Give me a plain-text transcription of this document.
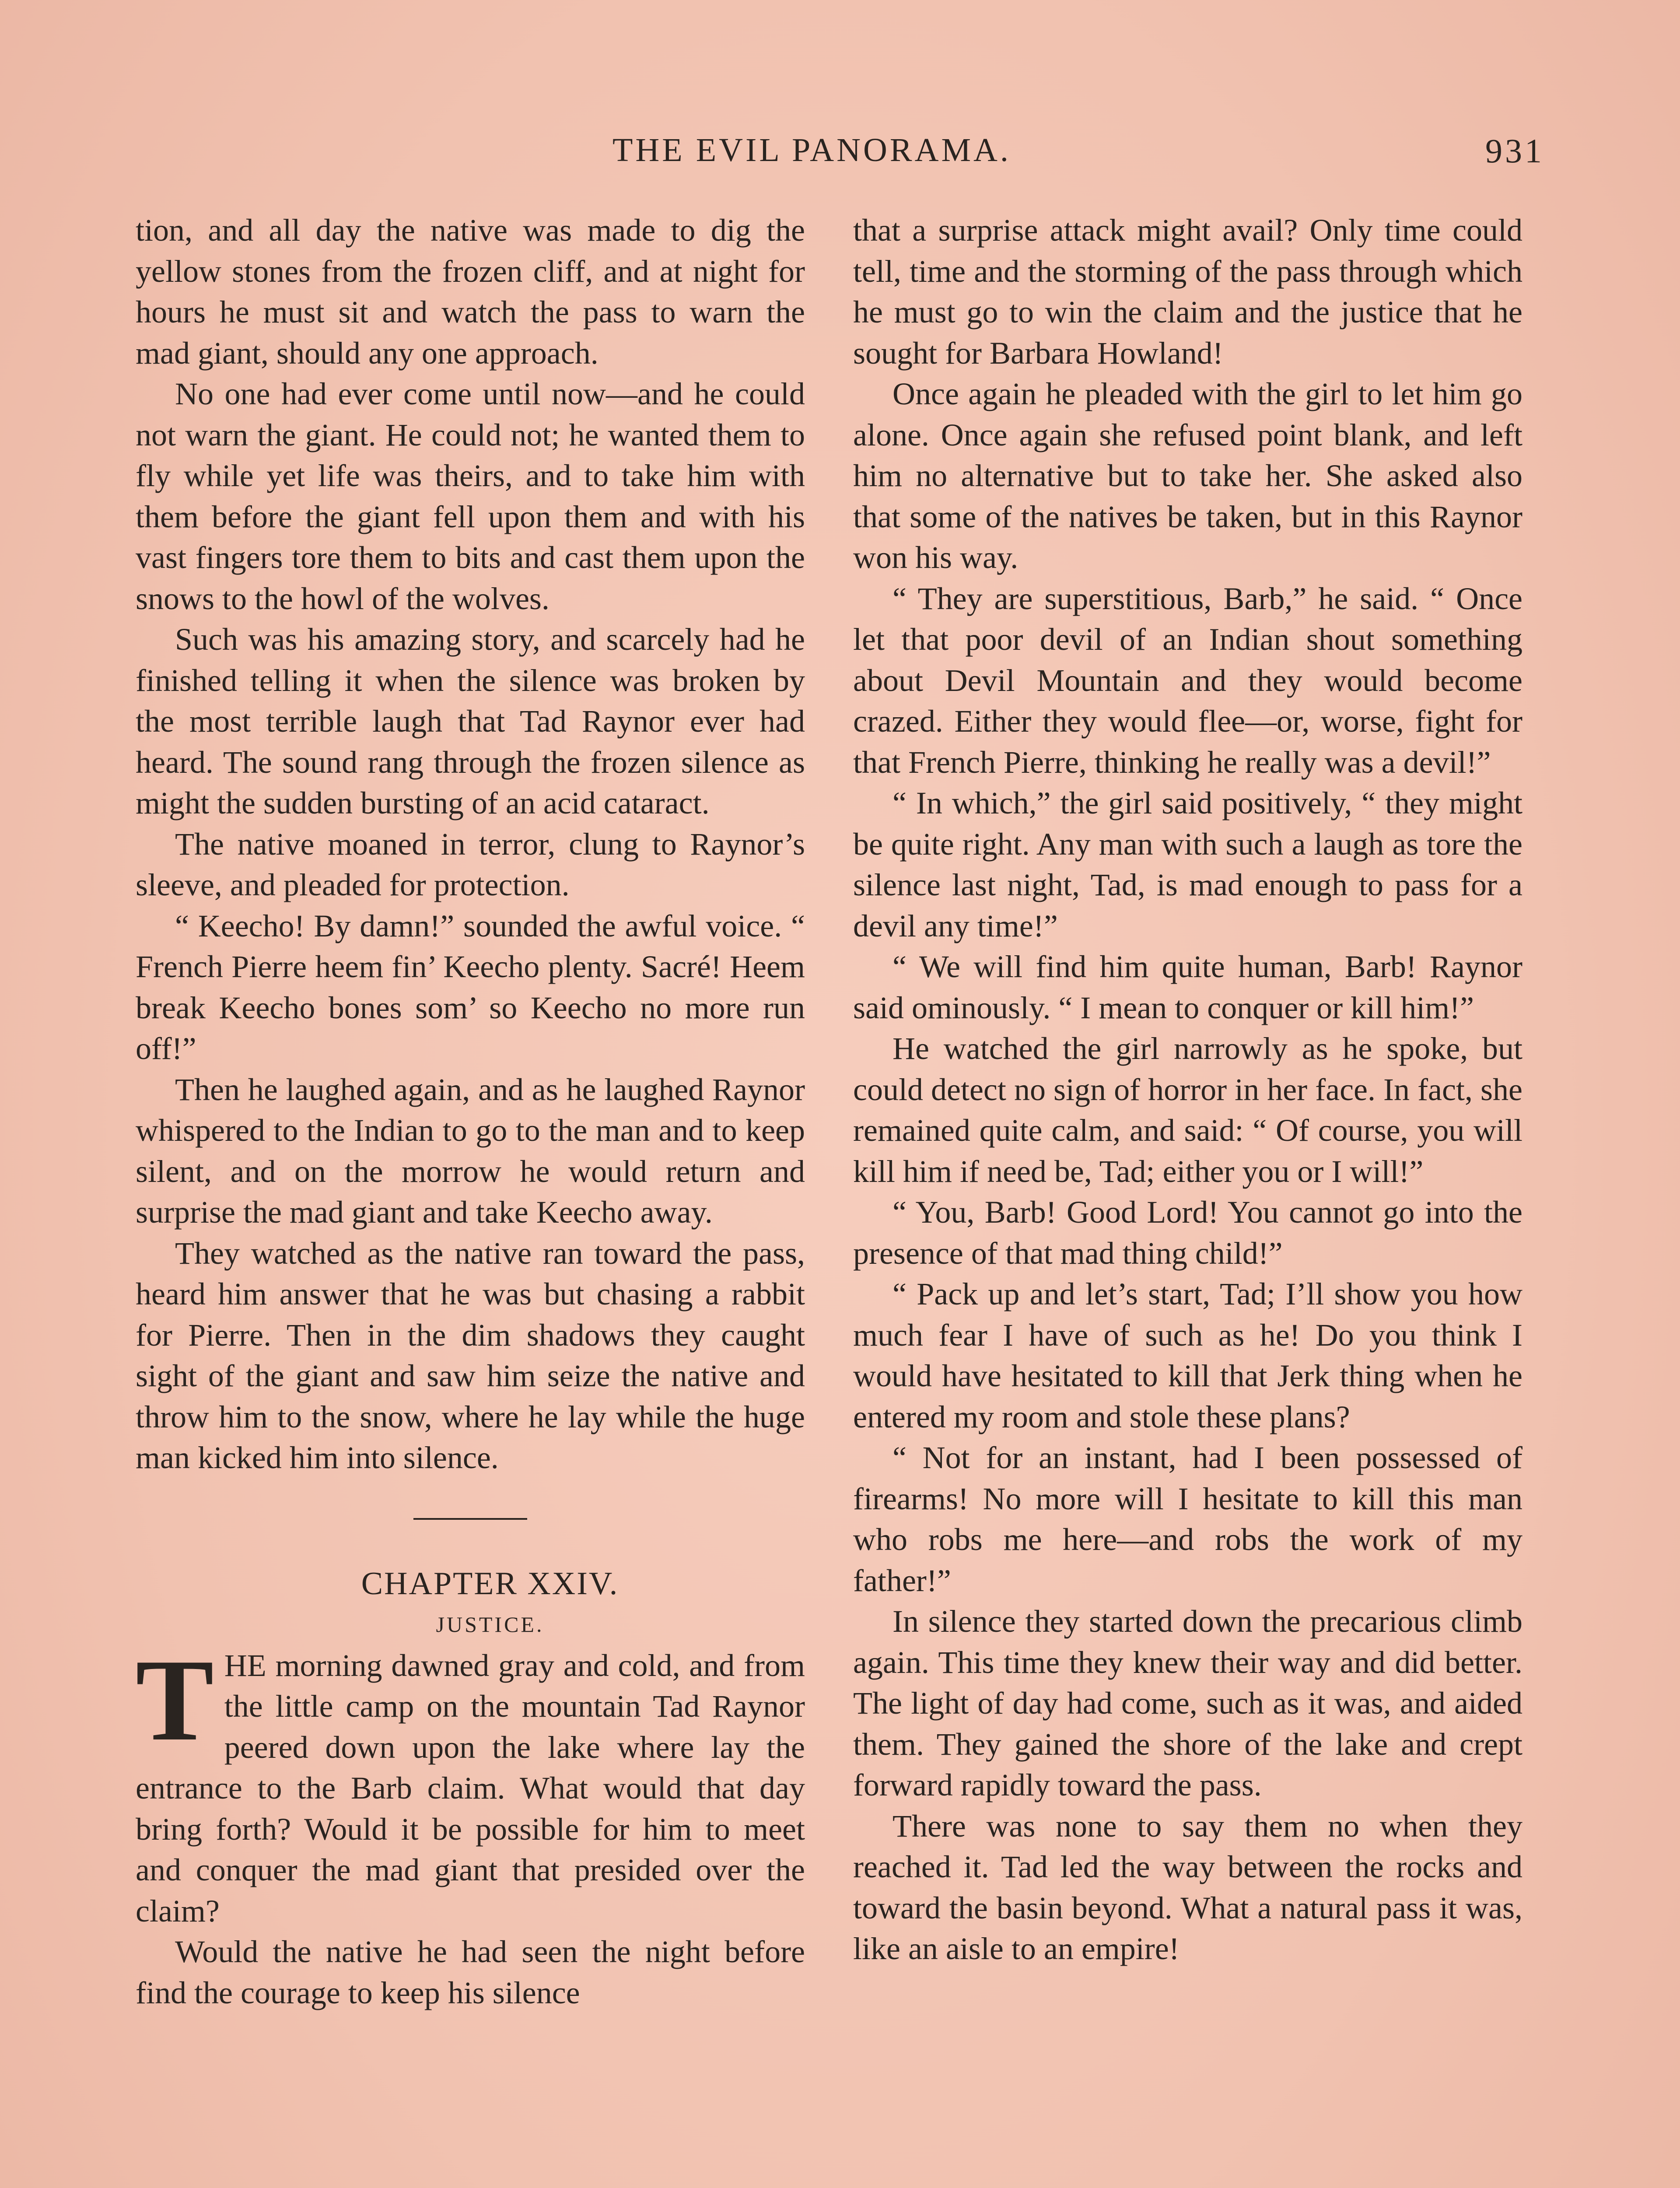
THE EVIL PANORAMA.	931

tion, and all day the native was made to dig the yellow stones from the frozen cliff, and at night for hours he must sit and watch the pass to warn the mad giant, should any one approach.

No one had ever come until now—and he could not warn the giant. He could not; he wanted them to fly while yet life was theirs, and to take him with them before the giant fell upon them and with his vast fingers tore them to bits and cast them upon the snows to the howl of the wolves.

Such was his amazing story, and scarcely had he finished telling it when the silence was broken by the most terrible laugh that Tad Raynor ever had heard. The sound rang through the frozen silence as might the sudden bursting of an acid cataract.

The native moaned in terror, clung to Raynor’s sleeve, and pleaded for protection.

“ Keecho! By damn!” sounded the awful voice. “ French Pierre heem fin’ Keecho plenty. Sacré! Heem break Keecho bones som’ so Keecho no more run off!”

Then he laughed again, and as he laughed Raynor whispered to the Indian to go to the man and to keep silent, and on the morrow he would return and surprise the mad giant and take Keecho away.

They watched as the native ran toward the pass, heard him answer that he was but chasing a rabbit for Pierre. Then in the dim shadows they caught sight of the giant and saw him seize the native and throw him to the snow, where he lay while the huge man kicked him into silence.

CHAPTER XXIV.

JUSTICE.

THE morning dawned gray and cold, and from the little camp on the mountain Tad Raynor peered down upon the lake where lay the entrance to the Barb claim. What would that day bring forth? Would it be possible for him to meet and conquer the mad giant that presided over the claim?

Would the native he had seen the night before find the courage to keep his silence

that a surprise attack might avail? Only time could tell, time and the storming of the pass through which he must go to win the claim and the justice that he sought for Barbara Howland!

Once again he pleaded with the girl to let him go alone. Once again she refused point blank, and left him no alternative but to take her. She asked also that some of the natives be taken, but in this Raynor won his way.

“ They are superstitious, Barb,” he said. “ Once let that poor devil of an Indian shout something about Devil Mountain and they would become crazed. Either they would flee—or, worse, fight for that French Pierre, thinking he really was a devil!”

“ In which,” the girl said positively, “ they might be quite right. Any man with such a laugh as tore the silence last night, Tad, is mad enough to pass for a devil any time!”

“ We will find him quite human, Barb! Raynor said ominously. “ I mean to conquer or kill him!”

He watched the girl narrowly as he spoke, but could detect no sign of horror in her face. In fact, she remained quite calm, and said: “ Of course, you will kill him if need be, Tad; either you or I will!”

“ You, Barb! Good Lord! You cannot go into the presence of that mad thing child!”

“ Pack up and let’s start, Tad; I’ll show you how much fear I have of such as he! Do you think I would have hesitated to kill that Jerk thing when he entered my room and stole these plans?

“ Not for an instant, had I been possessed of firearms! No more will I hesitate to kill this man who robs me here—and robs the work of my father!”

In silence they started down the precarious climb again. This time they knew their way and did better. The light of day had come, such as it was, and aided them. They gained the shore of the lake and crept forward rapidly toward the pass.

There was none to say them no when they reached it. Tad led the way between the rocks and toward the basin beyond. What a natural pass it was, like an aisle to an empire!
